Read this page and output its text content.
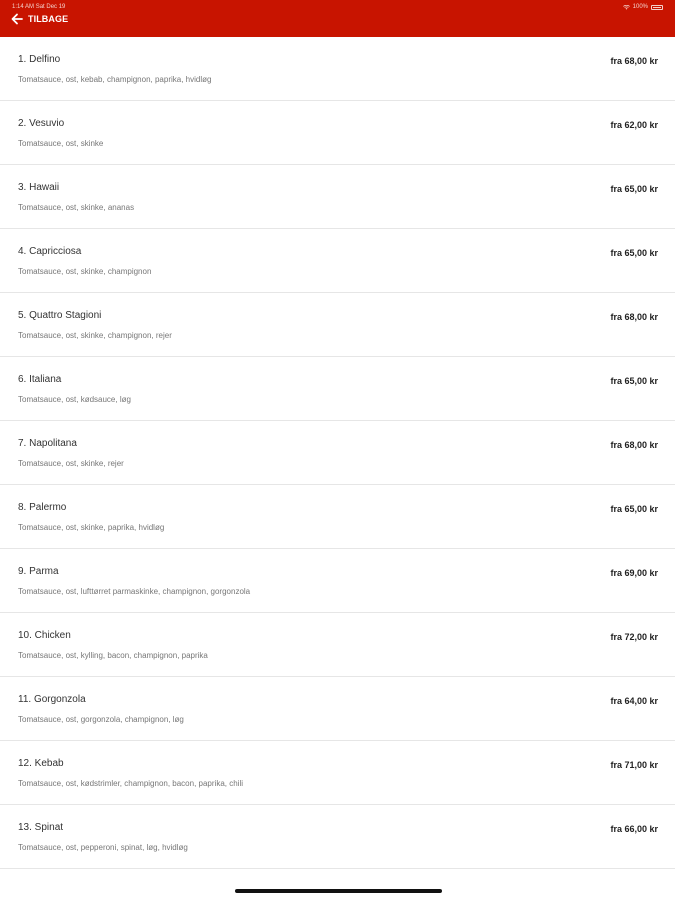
1:14 AM Sat Dec 19	100%
TILBAGE
1. Delfino
Tomatsauce, ost, kebab, champignon, paprika, hvidløg
fra 68,00 kr
2. Vesuvio
Tomatsauce, ost, skinke
fra 62,00 kr
3. Hawaii
Tomatsauce, ost, skinke, ananas
fra 65,00 kr
4. Capricciosa
Tomatsauce, ost, skinke, champignon
fra 65,00 kr
5. Quattro Stagioni
Tomatsauce, ost, skinke, champignon, rejer
fra 68,00 kr
6. Italiana
Tomatsauce, ost, kødsauce, løg
fra 65,00 kr
7. Napolitana
Tomatsauce, ost, skinke, rejer
fra 68,00 kr
8. Palermo
Tomatsauce, ost, skinke, paprika, hvidløg
fra 65,00 kr
9. Parma
Tomatsauce, ost, lufttørret parmaskinke, champignon, gorgonzola
fra 69,00 kr
10. Chicken
Tomatsauce, ost, kylling, bacon, champignon, paprika
fra 72,00 kr
11. Gorgonzola
Tomatsauce, ost, gorgonzola, champignon, løg
fra 64,00 kr
12. Kebab
Tomatsauce, ost, kødstrimler, champignon, bacon, paprika, chili
fra 71,00 kr
13. Spinat
Tomatsauce, ost, pepperoni, spinat, løg, hvidløg
fra 66,00 kr
